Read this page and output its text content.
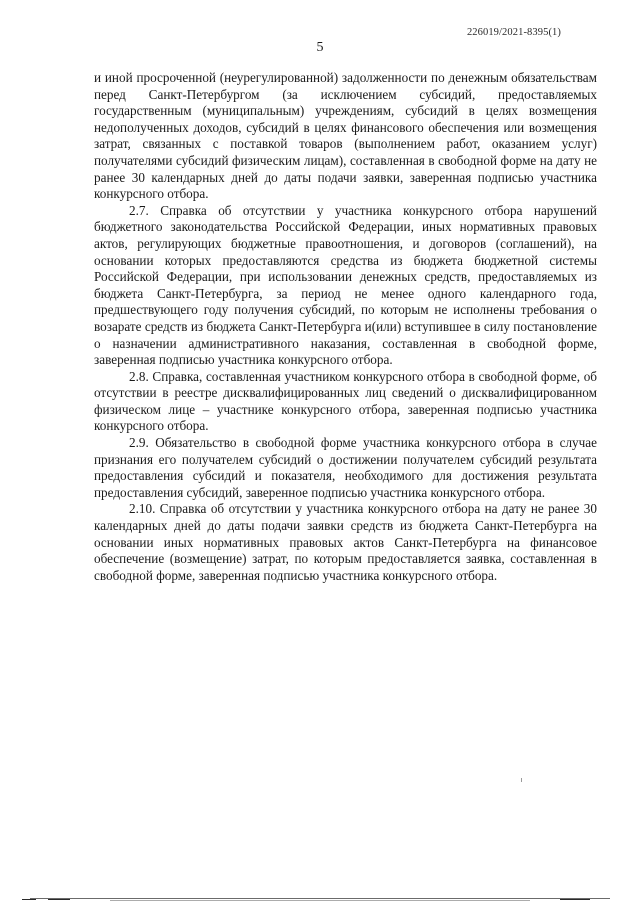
226019/2021-8395(1)
5

и иной просроченной (неурегулированной) задолженности по денежным обязательствам перед Санкт-Петербургом (за исключением субсидий, предоставляемых государственным (муниципальным) учреждениям, субсидий в целях возмещения недополученных доходов, субсидий в целях финансового обеспечения или возмещения затрат, связанных с поставкой товаров (выполнением работ, оказанием услуг) получателями субсидий физическим лицам), составленная в свободной форме на дату не ранее 30 календарных дней до даты подачи заявки, заверенная подписью участника конкурсного отбора.

2.7. Справка об отсутствии у участника конкурсного отбора нарушений бюджетного законодательства Российской Федерации, иных нормативных правовых актов, регулирующих бюджетные правоотношения, и договоров (соглашений), на основании которых предоставляются средства из бюджета бюджетной системы Российской Федерации, при использовании денежных средств, предоставляемых из бюджета Санкт-Петербурга, за период не менее одного календарного года, предшествующего году получения субсидий, по которым не исполнены требования о возарате средств из бюджета Санкт-Петербурга и(или) вступившее в силу постановление о назначении административного наказания, составленная в свободной форме, заверенная подписью участника конкурсного отбора.

2.8. Справка, составленная участником конкурсного отбора в свободной форме, об отсутствии в реестре дисквалифицированных лиц сведений о дисквалифицированном физическом лице – участнике конкурсного отбора, заверенная подписью участника конкурсного отбора.

2.9. Обязательство в свободной форме участника конкурсного отбора в случае признания его получателем субсидий о достижении получателем субсидий результата предоставления субсидий и показателя, необходимого для достижения результата предоставления субсидий, заверенное подписью участника конкурсного отбора.

2.10. Справка об отсутствии у участника конкурсного отбора на дату не ранее 30 календарных дней до даты подачи заявки средств из бюджета Санкт-Петербурга на основании иных нормативных правовых актов Санкт-Петербурга на финансовое обеспечение (возмещение) затрат, по которым предоставляется заявка, составленная в свободной форме, заверенная подписью участника конкурсного отбора.
